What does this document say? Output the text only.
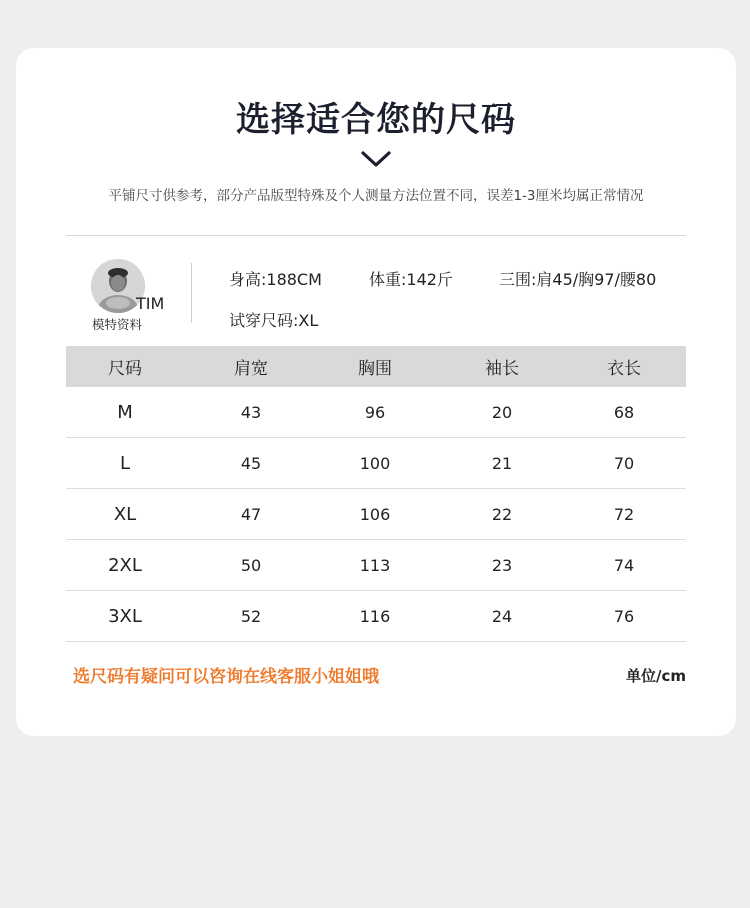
选择适合您的尺码
平铺尺寸供参考，部分产品版型特殊及个人测量方法位置不同，误差1-3厘米均属正常情况
TIM
模特资料
身高:188CM	体重:142斤	三围:肩45/胸97/腰80
试穿尺码:XL
尺码	肩宽	胸围	袖长	衣长
M	43	96	20	68
L	45	100	21	70
XL	47	106	22	72
2XL	50	113	23	74
3XL	52	116	24	76
选尺码有疑问可以咨询在线客服小姐姐哦	单位/cm
